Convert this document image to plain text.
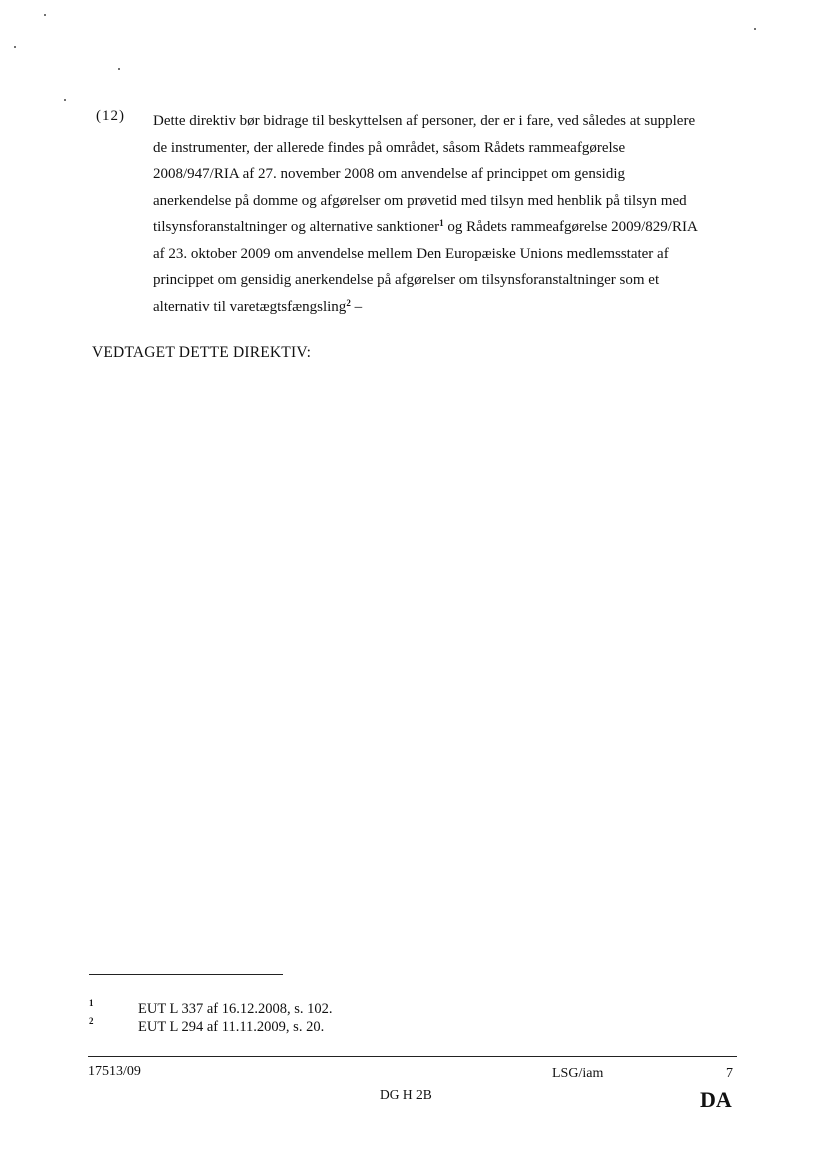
(12) Dette direktiv bør bidrage til beskyttelsen af personer, der er i fare, ved således at supplere
de instrumenter, der allerede findes på området, såsom Rådets rammeafgørelse
2008/947/RIA af 27. november 2008 om anvendelse af princippet om gensidig
anerkendelse på domme og afgørelser om prøvetid med tilsyn med henblik på tilsyn med
tilsynsforanstaltninger og alternative sanktioner$^1$ og Rådets rammeafgørelse 2009/829/RIA
af 23. oktober 2009 om anvendelse mellem Den Europæiske Unions medlemsstater af
princippet om gensidig anerkendelse på afgørelser om tilsynsforanstaltninger som et
alternativ til varetægtsfængsling$^2$ –
VEDTAGET DETTE DIREKTIV:
1	EUT L 337 af 16.12.2008, s. 102.
2	EUT L 294 af 11.11.2009, s. 20.
17513/09	LSG/iam	7
DG H 2B	DA
